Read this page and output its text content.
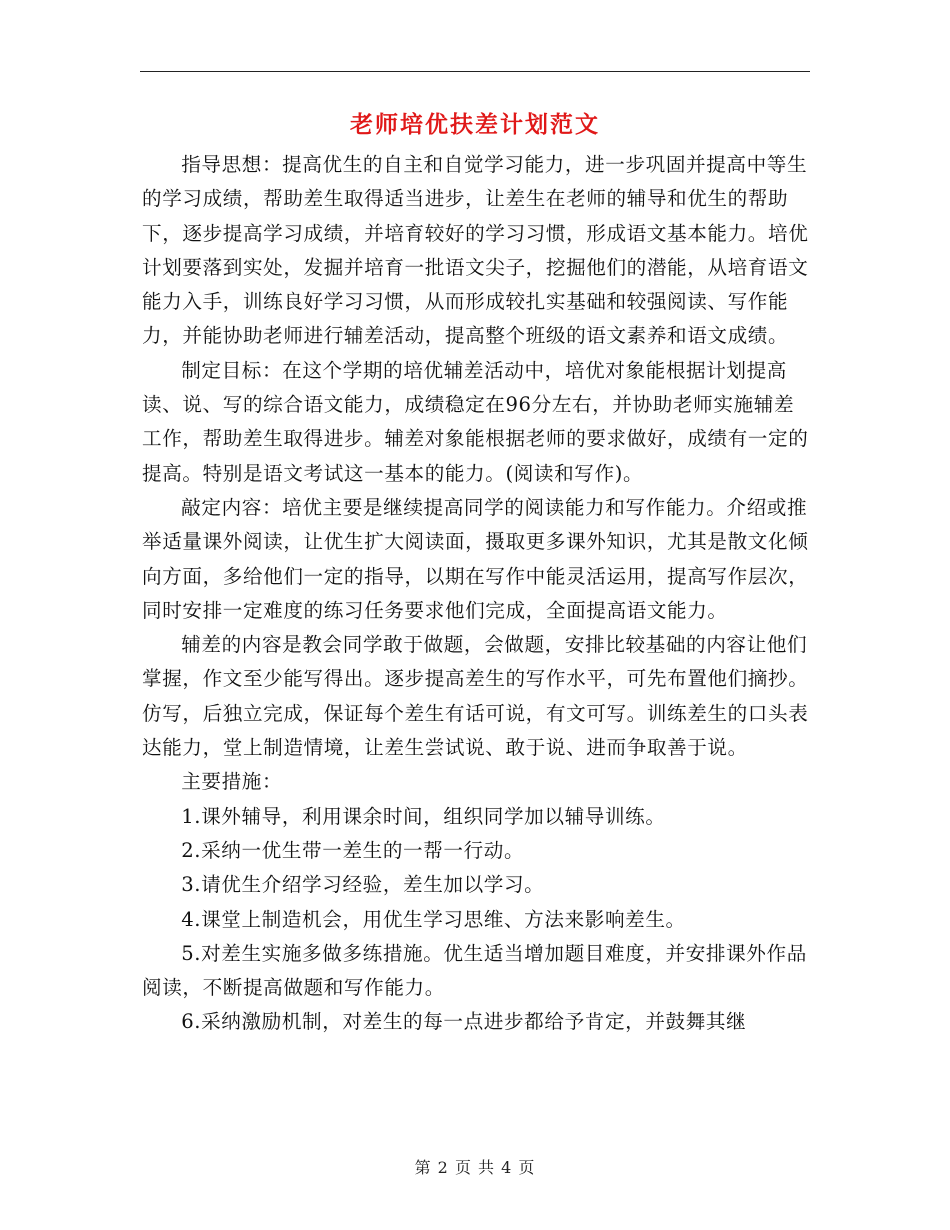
老师培优扶差计划范文

指导思想：提高优生的自主和自觉学习能力，进一步巩固并提高中等生的学习成绩，帮助差生取得适当进步，让差生在老师的辅导和优生的帮助下，逐步提高学习成绩，并培育较好的学习习惯，形成语文基本能力。培优计划要落到实处，发掘并培育一批语文尖子，挖掘他们的潜能，从培育语文能力入手，训练良好学习习惯，从而形成较扎实基础和较强阅读、写作能力，并能协助老师进行辅差活动，提高整个班级的语文素养和语文成绩。

制定目标：在这个学期的培优辅差活动中，培优对象能根据计划提高读、说、写的综合语文能力，成绩稳定在96分左右，并协助老师实施辅差工作，帮助差生取得进步。辅差对象能根据老师的要求做好，成绩有一定的提高。特别是语文考试这一基本的能力。(阅读和写作)。

敲定内容：培优主要是继续提高同学的阅读能力和写作能力。介绍或推举适量课外阅读，让优生扩大阅读面，摄取更多课外知识，尤其是散文化倾向方面，多给他们一定的指导，以期在写作中能灵活运用，提高写作层次，同时安排一定难度的练习任务要求他们完成，全面提高语文能力。

辅差的内容是教会同学敢于做题，会做题，安排比较基础的内容让他们掌握，作文至少能写得出。逐步提高差生的写作水平，可先布置他们摘抄。仿写，后独立完成，保证每个差生有话可说，有文可写。训练差生的口头表达能力，堂上制造情境，让差生尝试说、敢于说、进而争取善于说。

主要措施：

1.课外辅导，利用课余时间，组织同学加以辅导训练。

2.采纳一优生带一差生的一帮一行动。

3.请优生介绍学习经验，差生加以学习。

4.课堂上制造机会，用优生学习思维、方法来影响差生。

5.对差生实施多做多练措施。优生适当增加题目难度，并安排课外作品阅读，不断提高做题和写作能力。

6.采纳激励机制，对差生的每一点进步都给予肯定，并鼓舞其继

第 2 页 共 4 页
